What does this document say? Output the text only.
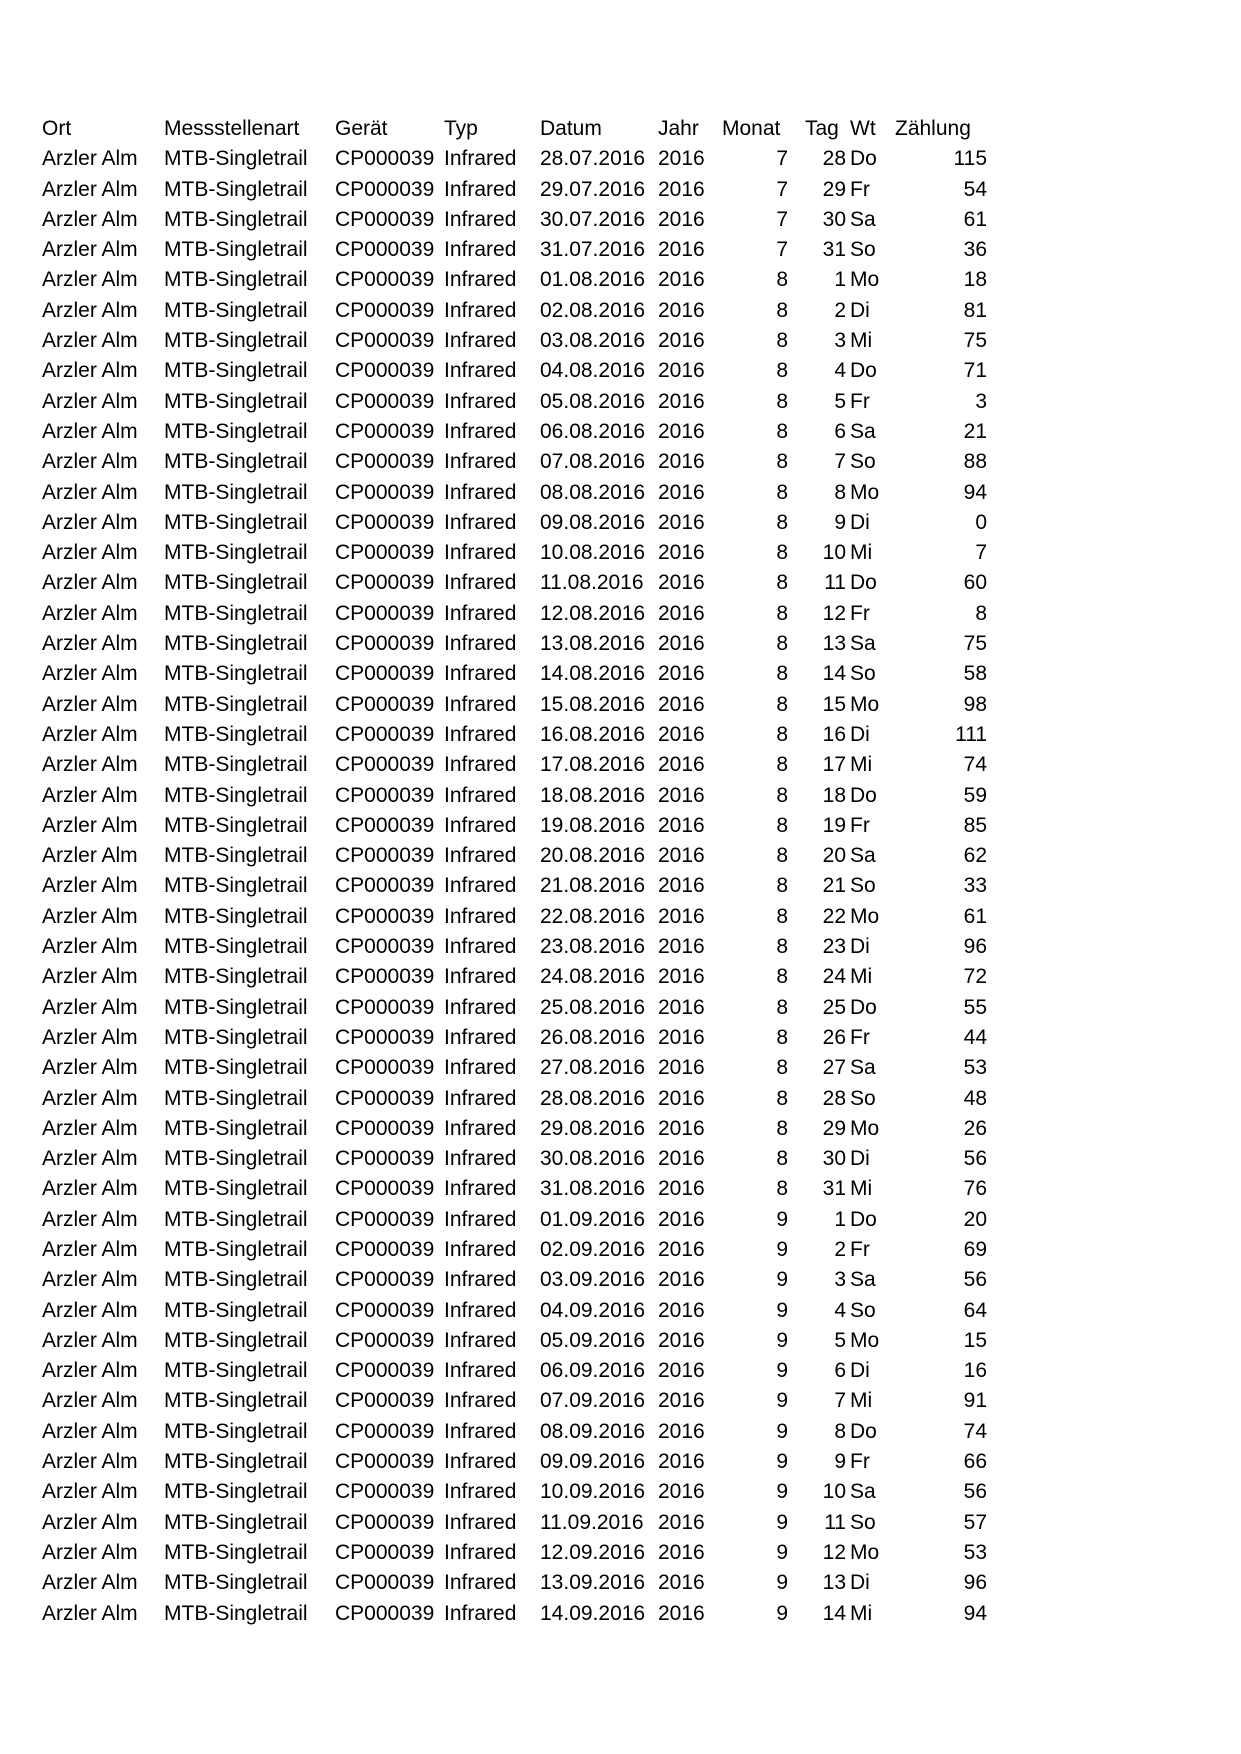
Ort	Messstellenart	Gerät	Typ	Datum	Jahr	Monat	Tag	Wt	Zählung
Arzler Alm	MTB-Singletrail	CP000039	Infrared	28.07.2016	2016	7	28	Do	115
Arzler Alm	MTB-Singletrail	CP000039	Infrared	29.07.2016	2016	7	29	Fr	54
Arzler Alm	MTB-Singletrail	CP000039	Infrared	30.07.2016	2016	7	30	Sa	61
Arzler Alm	MTB-Singletrail	CP000039	Infrared	31.07.2016	2016	7	31	So	36
Arzler Alm	MTB-Singletrail	CP000039	Infrared	01.08.2016	2016	8	1	Mo	18
Arzler Alm	MTB-Singletrail	CP000039	Infrared	02.08.2016	2016	8	2	Di	81
Arzler Alm	MTB-Singletrail	CP000039	Infrared	03.08.2016	2016	8	3	Mi	75
Arzler Alm	MTB-Singletrail	CP000039	Infrared	04.08.2016	2016	8	4	Do	71
Arzler Alm	MTB-Singletrail	CP000039	Infrared	05.08.2016	2016	8	5	Fr	3
Arzler Alm	MTB-Singletrail	CP000039	Infrared	06.08.2016	2016	8	6	Sa	21
Arzler Alm	MTB-Singletrail	CP000039	Infrared	07.08.2016	2016	8	7	So	88
Arzler Alm	MTB-Singletrail	CP000039	Infrared	08.08.2016	2016	8	8	Mo	94
Arzler Alm	MTB-Singletrail	CP000039	Infrared	09.08.2016	2016	8	9	Di	0
Arzler Alm	MTB-Singletrail	CP000039	Infrared	10.08.2016	2016	8	10	Mi	7
Arzler Alm	MTB-Singletrail	CP000039	Infrared	11.08.2016	2016	8	11	Do	60
Arzler Alm	MTB-Singletrail	CP000039	Infrared	12.08.2016	2016	8	12	Fr	8
Arzler Alm	MTB-Singletrail	CP000039	Infrared	13.08.2016	2016	8	13	Sa	75
Arzler Alm	MTB-Singletrail	CP000039	Infrared	14.08.2016	2016	8	14	So	58
Arzler Alm	MTB-Singletrail	CP000039	Infrared	15.08.2016	2016	8	15	Mo	98
Arzler Alm	MTB-Singletrail	CP000039	Infrared	16.08.2016	2016	8	16	Di	111
Arzler Alm	MTB-Singletrail	CP000039	Infrared	17.08.2016	2016	8	17	Mi	74
Arzler Alm	MTB-Singletrail	CP000039	Infrared	18.08.2016	2016	8	18	Do	59
Arzler Alm	MTB-Singletrail	CP000039	Infrared	19.08.2016	2016	8	19	Fr	85
Arzler Alm	MTB-Singletrail	CP000039	Infrared	20.08.2016	2016	8	20	Sa	62
Arzler Alm	MTB-Singletrail	CP000039	Infrared	21.08.2016	2016	8	21	So	33
Arzler Alm	MTB-Singletrail	CP000039	Infrared	22.08.2016	2016	8	22	Mo	61
Arzler Alm	MTB-Singletrail	CP000039	Infrared	23.08.2016	2016	8	23	Di	96
Arzler Alm	MTB-Singletrail	CP000039	Infrared	24.08.2016	2016	8	24	Mi	72
Arzler Alm	MTB-Singletrail	CP000039	Infrared	25.08.2016	2016	8	25	Do	55
Arzler Alm	MTB-Singletrail	CP000039	Infrared	26.08.2016	2016	8	26	Fr	44
Arzler Alm	MTB-Singletrail	CP000039	Infrared	27.08.2016	2016	8	27	Sa	53
Arzler Alm	MTB-Singletrail	CP000039	Infrared	28.08.2016	2016	8	28	So	48
Arzler Alm	MTB-Singletrail	CP000039	Infrared	29.08.2016	2016	8	29	Mo	26
Arzler Alm	MTB-Singletrail	CP000039	Infrared	30.08.2016	2016	8	30	Di	56
Arzler Alm	MTB-Singletrail	CP000039	Infrared	31.08.2016	2016	8	31	Mi	76
Arzler Alm	MTB-Singletrail	CP000039	Infrared	01.09.2016	2016	9	1	Do	20
Arzler Alm	MTB-Singletrail	CP000039	Infrared	02.09.2016	2016	9	2	Fr	69
Arzler Alm	MTB-Singletrail	CP000039	Infrared	03.09.2016	2016	9	3	Sa	56
Arzler Alm	MTB-Singletrail	CP000039	Infrared	04.09.2016	2016	9	4	So	64
Arzler Alm	MTB-Singletrail	CP000039	Infrared	05.09.2016	2016	9	5	Mo	15
Arzler Alm	MTB-Singletrail	CP000039	Infrared	06.09.2016	2016	9	6	Di	16
Arzler Alm	MTB-Singletrail	CP000039	Infrared	07.09.2016	2016	9	7	Mi	91
Arzler Alm	MTB-Singletrail	CP000039	Infrared	08.09.2016	2016	9	8	Do	74
Arzler Alm	MTB-Singletrail	CP000039	Infrared	09.09.2016	2016	9	9	Fr	66
Arzler Alm	MTB-Singletrail	CP000039	Infrared	10.09.2016	2016	9	10	Sa	56
Arzler Alm	MTB-Singletrail	CP000039	Infrared	11.09.2016	2016	9	11	So	57
Arzler Alm	MTB-Singletrail	CP000039	Infrared	12.09.2016	2016	9	12	Mo	53
Arzler Alm	MTB-Singletrail	CP000039	Infrared	13.09.2016	2016	9	13	Di	96
Arzler Alm	MTB-Singletrail	CP000039	Infrared	14.09.2016	2016	9	14	Mi	94
